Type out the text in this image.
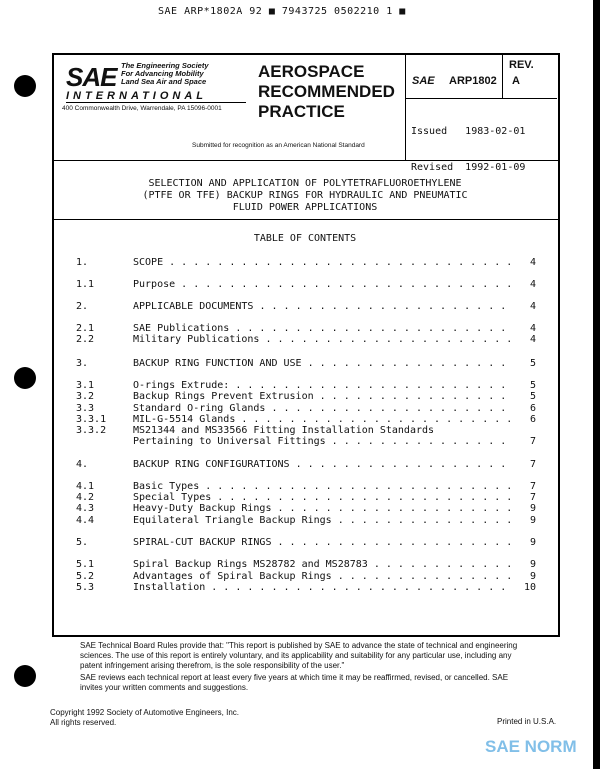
SAE ARP*1802A 92 ■ 7943725 0502210 1 ■
SAE The Engineering Society
For Advancing Mobility
Land Sea Air and Space
INTERNATIONAL
400 Commonwealth Drive, Warrendale, PA 15096-0001
AEROSPACE
RECOMMENDED
PRACTICE
Submitted for recognition as an American National Standard
SAE ARP1802
REV.
A

Issued   1983-02-01

Revised  1992-01-09

SELECTION AND APPLICATION OF POLYTETRAFLUOROETHYLENE
(PTFE OR TFE) BACKUP RINGS FOR HYDRAULIC AND PNEUMATIC
FLUID POWER APPLICATIONS
TABLE OF CONTENTS
1.	SCOPE . . .	4
1.1	Purpose . . .	4
2.	APPLICABLE DOCUMENTS . . .	4
2.1	SAE Publications . . .	4
2.2	Military Publications . . .	4
3.	BACKUP RING FUNCTION AND USE . . .	5
3.1	O-rings Extrude: . . .	5
3.2	Backup Rings Prevent Extrusion . . .	5
3.3	Standard O-ring Glands . . .	6
3.3.1	MIL-G-5514 Glands . . .	6
3.3.2	MS21344 and MS33566 Fitting Installation Standards
Pertaining to Universal Fittings . . .	7
4.	BACKUP RING CONFIGURATIONS . . .	7
4.1	Basic Types . . .	7
4.2	Special Types . . .	7
4.3	Heavy-Duty Backup Rings . . .	9
4.4	Equilateral Triangle Backup Rings . . .	9
5.	SPIRAL-CUT BACKUP RINGS . . .	9
5.1	Spiral Backup Rings MS28782 and MS28783 . . .	9
5.2	Advantages of Spiral Backup Rings . . .	9
5.3	Installation . . .	10
SAE Technical Board Rules provide that: "This report is published by SAE to advance the state of technical and engineering sciences. The use of this report is entirely voluntary, and its applicability and suitability for any particular use, including any patent infringement arising therefrom, is the sole responsibility of the user."
SAE reviews each technical report at least every five years at which time it may be reaffirmed, revised, or cancelled. SAE invites your written comments and suggestions.
Copyright 1992 Society of Automotive Engineers, Inc.
All rights reserved.	Printed in U.S.A.
SAE NORM
